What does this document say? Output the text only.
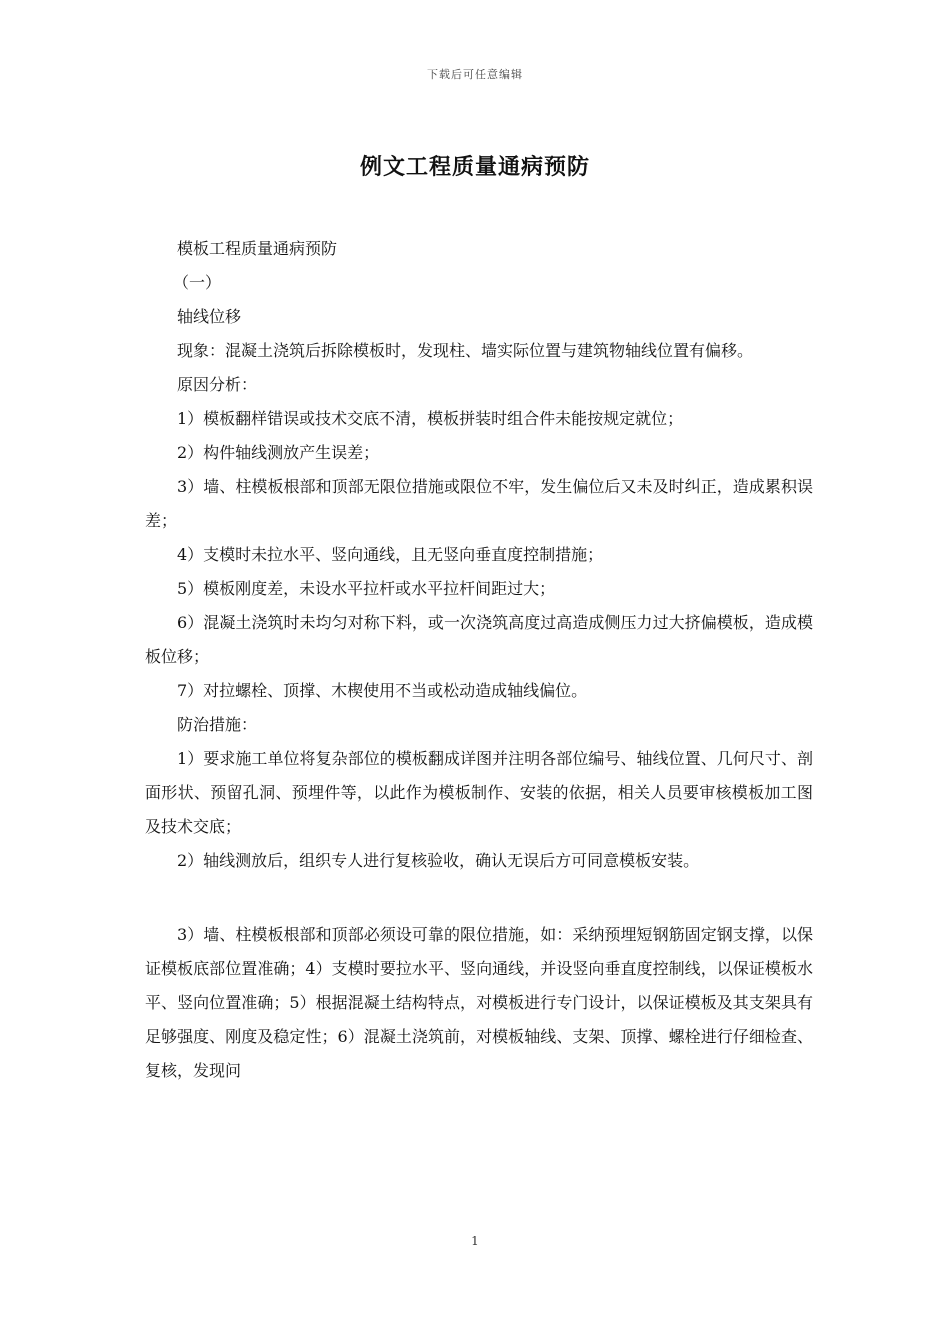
下载后可任意编辑
例文工程质量通病预防

模板工程质量通病预防

（一）

轴线位移

现象：混凝土浇筑后拆除模板时，发现柱、墙实际位置与建筑物轴线位置有偏移。

原因分析：

1）模板翻样错误或技术交底不清，模板拼装时组合件未能按规定就位；

2）构件轴线测放产生误差；

3）墙、柱模板根部和顶部无限位措施或限位不牢，发生偏位后又未及时纠正，造成累积误差；

4）支模时未拉水平、竖向通线，且无竖向垂直度控制措施；

5）模板刚度差，未设水平拉杆或水平拉杆间距过大；

6）混凝土浇筑时未均匀对称下料，或一次浇筑高度过高造成侧压力过大挤偏模板，造成模板位移；

7）对拉螺栓、顶撑、木楔使用不当或松动造成轴线偏位。

防治措施：

1）要求施工单位将复杂部位的模板翻成详图并注明各部位编号、轴线位置、几何尺寸、剖面形状、预留孔洞、预埋件等，以此作为模板制作、安装的依据，相关人员要审核模板加工图及技术交底；

2）轴线测放后，组织专人进行复核验收，确认无误后方可同意模板安装。

3）墙、柱模板根部和顶部必须设可靠的限位措施，如：采纳预埋短钢筋固定钢支撑，以保证模板底部位置准确；4）支模时要拉水平、竖向通线，并设竖向垂直度控制线，以保证模板水平、竖向位置准确；5）根据混凝土结构特点，对模板进行专门设计，以保证模板及其支架具有足够强度、刚度及稳定性；6）混凝土浇筑前，对模板轴线、支架、顶撑、螺栓进行仔细检查、复核，发现问

1
